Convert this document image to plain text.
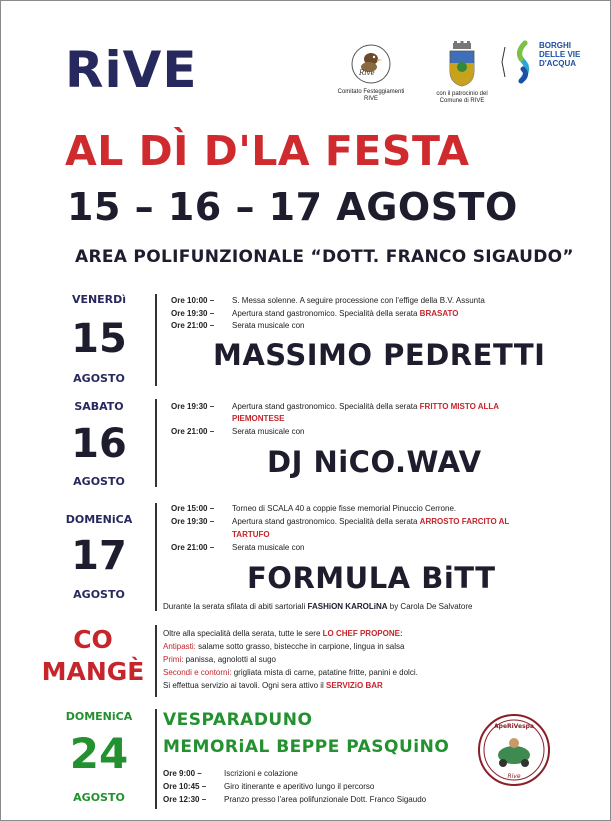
RiVE
AL DÌ D'LA FESTA
15 – 16 – 17 AGOSTO
AREA POLIFUNZIONALE “DOTT. FRANCO SIGAUDO”
Rive
Comitato Festeggiamenti
RIVE
con il patrocinio del
Comune di RIVE
BORGHI
DELLE VIE
D'ACQUA
VENERDì
15
AGOSTO
Ore 10:00 – S. Messa solenne. A seguire processione con l'effige della B.V. Assunta
Ore 19:30 – Apertura stand gastronomico. Specialità della serata BRASATO
Ore 21:00 – Serata musicale con
MASSIMO PEDRETTI
SABATO
16
AGOSTO
Ore 19:30 – Apertura stand gastronomico. Specialità della serata FRITTO MISTO ALLA
PIEMONTESE
Ore 21:00 – Serata musicale con
DJ NiCO.WAV
DOMENiCA
17
AGOSTO
Ore 15:00 – Torneo di SCALA 40 a coppie fisse memorial Pinuccio Cerrone.
Ore 19:30 – Apertura stand gastronomico. Specialità della serata ARROSTO FARCITO AL
TARTUFO
Ore 21:00 – Serata musicale con
FORMULA BiTT
Durante la serata sfilata di abiti sartoriali FASHiON KAROLiNA by Carola De Salvatore
CO
MANGÈ
Oltre alla specialità della serata, tutte le sere LO CHEF PROPONE:
Antipasti: salame sotto grasso, bistecche in carpione, lingua in salsa
Primi: panissa, agnolotti al sugo
Secondi e contorni: grigliata mista di carne, patatine fritte, panini e dolci.
Si effettua servizio ai tavoli. Ogni sera attivo il SERVIZiO BAR
DOMENiCA
24
AGOSTO
VESPARADUNO
MEMORiAL BEPPE PASQUiNO
Ore 9:00 –	Iscrizioni e colazione
Ore 10:45 – Giro itinerante e aperitivo lungo il percorso
Ore 12:30 – Pranzo presso l'area polifunzionale Dott. Franco Sigaudo
ApeRiVespa
Rive
